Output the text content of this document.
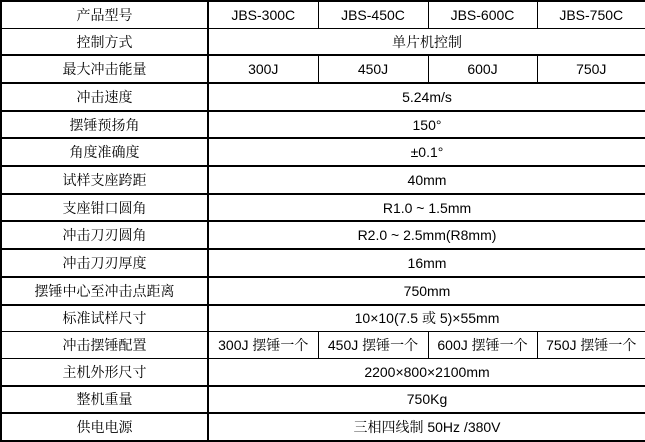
产品型号	JBS-300C	JBS-450C	JBS-600C	JBS-750C
控制方式	单片机控制			
最大冲击能量	300J	450J	600J	750J
冲击速度	5.24m/s			
摆锤预扬角	150°			
角度准确度	±0.1°			
试样支座跨距	40mm			
支座钳口圆角	R1.0 ~ 1.5mm			
冲击刀刃圆角	R2.0 ~ 2.5mm(R8mm)			
冲击刀刃厚度	16mm			
摆锤中心至冲击点距离	750mm			
标准试样尺寸	10×10(7.5 或 5)×55mm			
冲击摆锤配置	300J 摆锤一个	450J 摆锤一个	600J 摆锤一个	750J 摆锤一个
主机外形尺寸	2200×800×2100mm			
整机重量	750Kg			
供电电源	三相四线制 50Hz /380V			
